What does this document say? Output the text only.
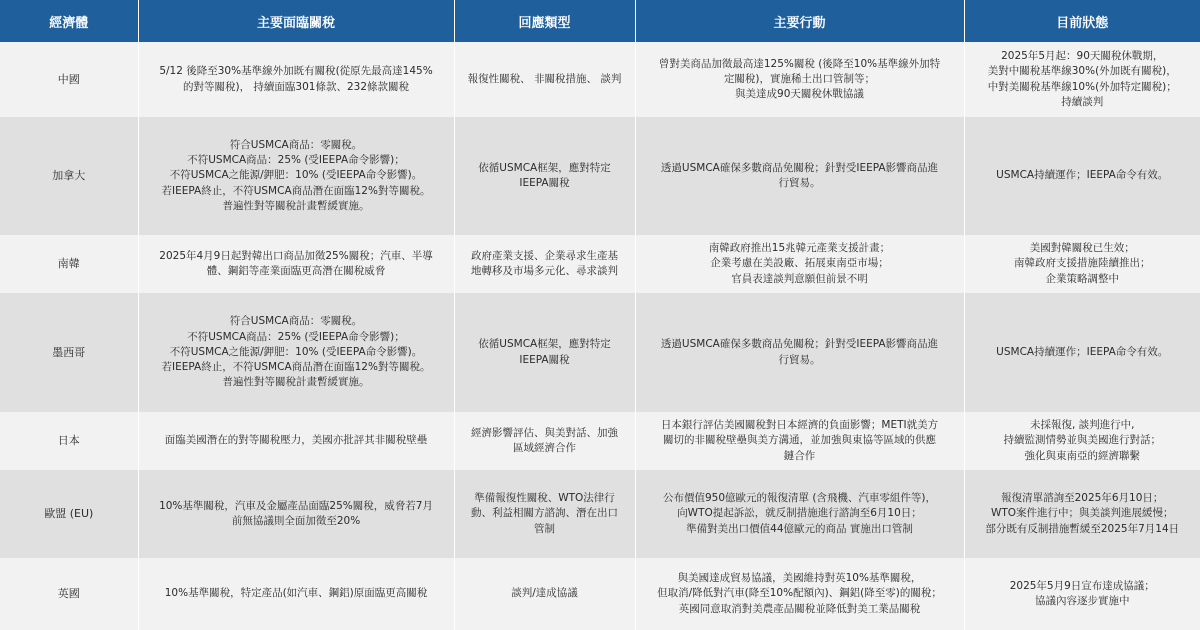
經濟體	主要面臨關稅	回應類型	主要行動	目前狀態
中國	5/12 後降至30%基準線外加既有關稅(從原先最高達145%
的對等關稅)， 持續面臨301條款、232條款關稅	報復性關稅、 非關稅措施、 談判	曾對美商品加徵最高達125%關稅 (後降至10%基準線外加特
定關稅)，實施稀土出口管制等；
與美達成90天關稅休戰協議	2025年5月起：90天關稅休戰期，
美對中關稅基準線30%(外加既有關稅)，
中對美關稅基準線10%(外加特定關稅)；
持續談判
加拿大	符合USMCA商品：零關稅。
不符USMCA商品：25% (受IEEPA命令影響)；
不符USMCA之能源/鉀肥：10% (受IEEPA命令影響)。
若IEEPA終止，不符USMCA商品潛在面臨12%對等關稅。
普遍性對等關稅計畫暫緩實施。	依循USMCA框架，應對特定
IEEPA關稅	透過USMCA確保多數商品免關稅；針對受IEEPA影響商品進
行貿易。	USMCA持續運作；IEEPA命令有效。
南韓	2025年4月9日起對韓出口商品加徵25%關稅；汽車、半導
體、鋼鋁等產業面臨更高潛在關稅威脅	政府產業支援、企業尋求生產基
地轉移及市場多元化、尋求談判	南韓政府推出15兆韓元產業支援計畫；
企業考慮在美設廠、拓展東南亞市場；
官員表達談判意願但前景不明	美國對韓關稅已生效；
南韓政府支援措施陸續推出；
企業策略調整中
墨西哥	符合USMCA商品：零關稅。
不符USMCA商品：25% (受IEEPA命令影響)；
不符USMCA之能源/鉀肥：10% (受IEEPA命令影響)。
若IEEPA終止，不符USMCA商品潛在面臨12%對等關稅。
普遍性對等關稅計畫暫緩實施。	依循USMCA框架，應對特定
IEEPA關稅	透過USMCA確保多數商品免關稅；針對受IEEPA影響商品進
行貿易。	USMCA持續運作；IEEPA命令有效。
日本	面臨美國潛在的對等關稅壓力，美國亦批評其非關稅壁壘	經濟影響評估、與美對話、加強
區域經濟合作	日本銀行評估美國關稅對日本經濟的負面影響；METI就美方
關切的非關稅壁壘與美方溝通，並加強與東協等區域的供應
鏈合作	未採報復, 談判進行中,
持續監測情勢並與美國進行對話；
強化與東南亞的經濟聯繫
歐盟 (EU)	10%基準關稅，汽車及金屬產品面臨25%關稅，威脅若7月
前無協議則全面加徵至20%	準備報復性關稅、WTO法律行
動、利益相關方諮詢、潛在出口
管制	公布價值950億歐元的報復清單 (含飛機、汽車零組件等)，
向WTO提起訴訟，就反制措施進行諮詢至6月10日；
準備對美出口價值44億歐元的商品 實施出口管制	報復清單諮詢至2025年6月10日；
WTO案件進行中；與美談判進展緩慢；
部分既有反制措施暫緩至2025年7月14日
英國	10%基準關稅，特定產品(如汽車、鋼鋁)原面臨更高關稅	談判/達成協議	與美國達成貿易協議，美國維持對英10%基準關稅，
但取消/降低對汽車(降至10%配額內)、鋼鋁(降至零)的關稅；
英國同意取消對美農產品關稅並降低對美工業品關稅	2025年5月9日宣布達成協議；
協議內容逐步實施中
